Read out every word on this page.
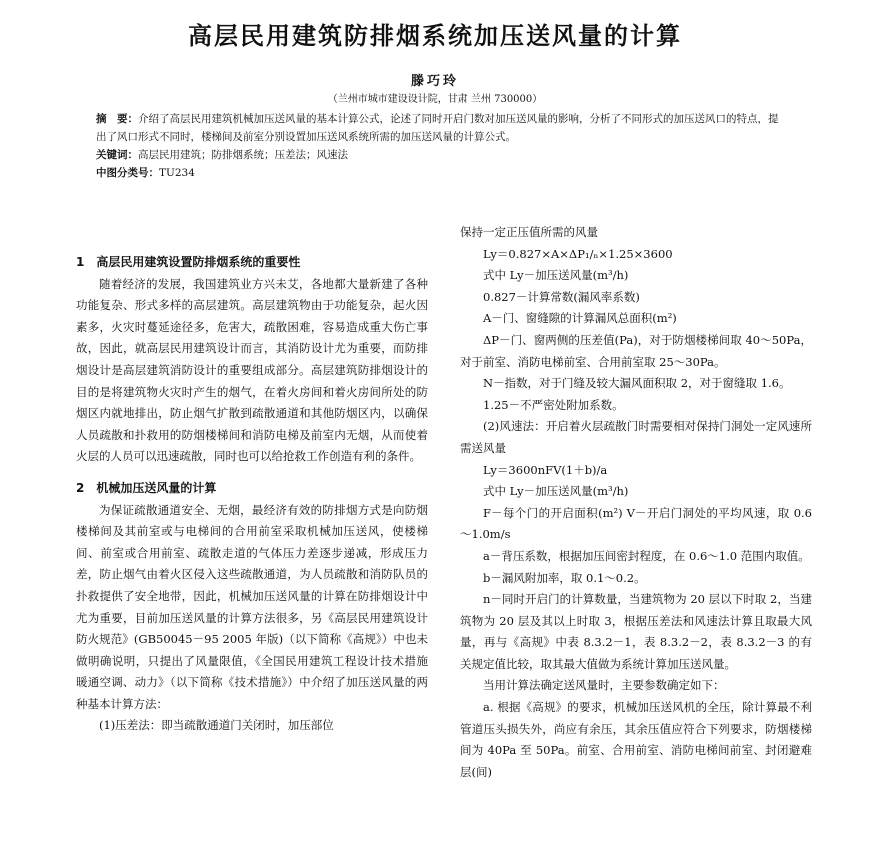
高层民用建筑防排烟系统加压送风量的计算
滕巧玲
（兰州市城市建设设计院，甘肃 兰州 730000）

摘　要：介绍了高层民用建筑机械加压送风量的基本计算公式，论述了同时开启门数对加压送风量的影响，分析了不同形式的加压送风口的特点，提出了风口形式不同时，楼梯间及前室分别设置加压送风系统所需的加压送风量的计算公式。

关键词：高层民用建筑；防排烟系统；压差法；风速法

中图分类号：TU234

1　高层民用建筑设置防排烟系统的重要性

随着经济的发展，我国建筑业方兴未艾，各地都大量新建了各种功能复杂、形式多样的高层建筑。高层建筑物由于功能复杂，起火因素多，火灾时蔓延途径多，危害大，疏散困难，容易造成重大伤亡事故，因此，就高层民用建筑设计而言，其消防设计尤为重要，而防排烟设计是高层建筑消防设计的重要组成部分。高层建筑防排烟设计的目的是将建筑物火灾时产生的烟气，在着火房间和着火房间所处的防烟区内就地排出，防止烟气扩散到疏散通道和其他防烟区内，以确保人员疏散和扑救用的防烟楼梯间和消防电梯及前室内无烟，从而使着火层的人员可以迅速疏散，同时也可以给抢救工作创造有利的条件。

2　机械加压送风量的计算

为保证疏散通道安全、无烟，最经济有效的防排烟方式是向防烟楼梯间及其前室或与电梯间的合用前室采取机械加压送风，使楼梯间、前室或合用前室、疏散走道的气体压力差逐步递减，形成压力差，防止烟气由着火区侵入这些疏散通道，为人员疏散和消防队员的扑救提供了安全地带，因此，机械加压送风量的计算在防排烟设计中尤为重要，目前加压送风量的计算方法很多，另《高层民用建筑设计防火规范》(GB50045－95 2005 年版)（以下简称《高规》）中也未做明确说明，只提出了风量限值，《全国民用建筑工程设计技术措施 暖通空调、动力》（以下简称《技术措施》）中介绍了加压送风量的两种基本计算方法：

(1)压差法：即当疏散通道门关闭时，加压部位

保持一定正压值所需的风量

Ly＝0.827×A×ΔP₁/ₙ×1.25×3600

式中 Ly－加压送风量(m³/h)

0.827－计算常数(漏风率系数)

A－门、窗缝隙的计算漏风总面积(m²)

ΔP－门、窗两侧的压差值(Pa)，对于防烟楼梯间取 40～50Pa，对于前室、消防电梯前室、合用前室取 25～30Pa。

N－指数，对于门缝及较大漏风面积取 2，对于窗缝取 1.6。

1.25－不严密处附加系数。

(2)风速法：开启着火层疏散门时需要相对保持门洞处一定风速所需送风量

Ly＝3600nFV(1＋b)/a

式中 Ly－加压送风量(m³/h)

F－每个门的开启面积(m²) V－开启门洞处的平均风速，取 0.6～1.0m/s

a－背压系数，根据加压间密封程度，在 0.6～1.0 范围内取值。

b－漏风附加率，取 0.1～0.2。

n－同时开启门的计算数量，当建筑物为 20 层以下时取 2，当建筑物为 20 层及其以上时取 3，根据压差法和风速法计算且取最大风量，再与《高规》中表 8.3.2－1，表 8.3.2－2，表 8.3.2－3 的有关规定值比较，取其最大值做为系统计算加压送风量。

当用计算法确定送风量时，主要参数确定如下：

a. 根据《高规》的要求，机械加压送风机的全压，除计算最不利管道压头损失外，尚应有余压，其余压值应符合下列要求，防烟楼梯间为 40Pa 至 50Pa。前室、合用前室、消防电梯间前室、封闭避难层(间)
